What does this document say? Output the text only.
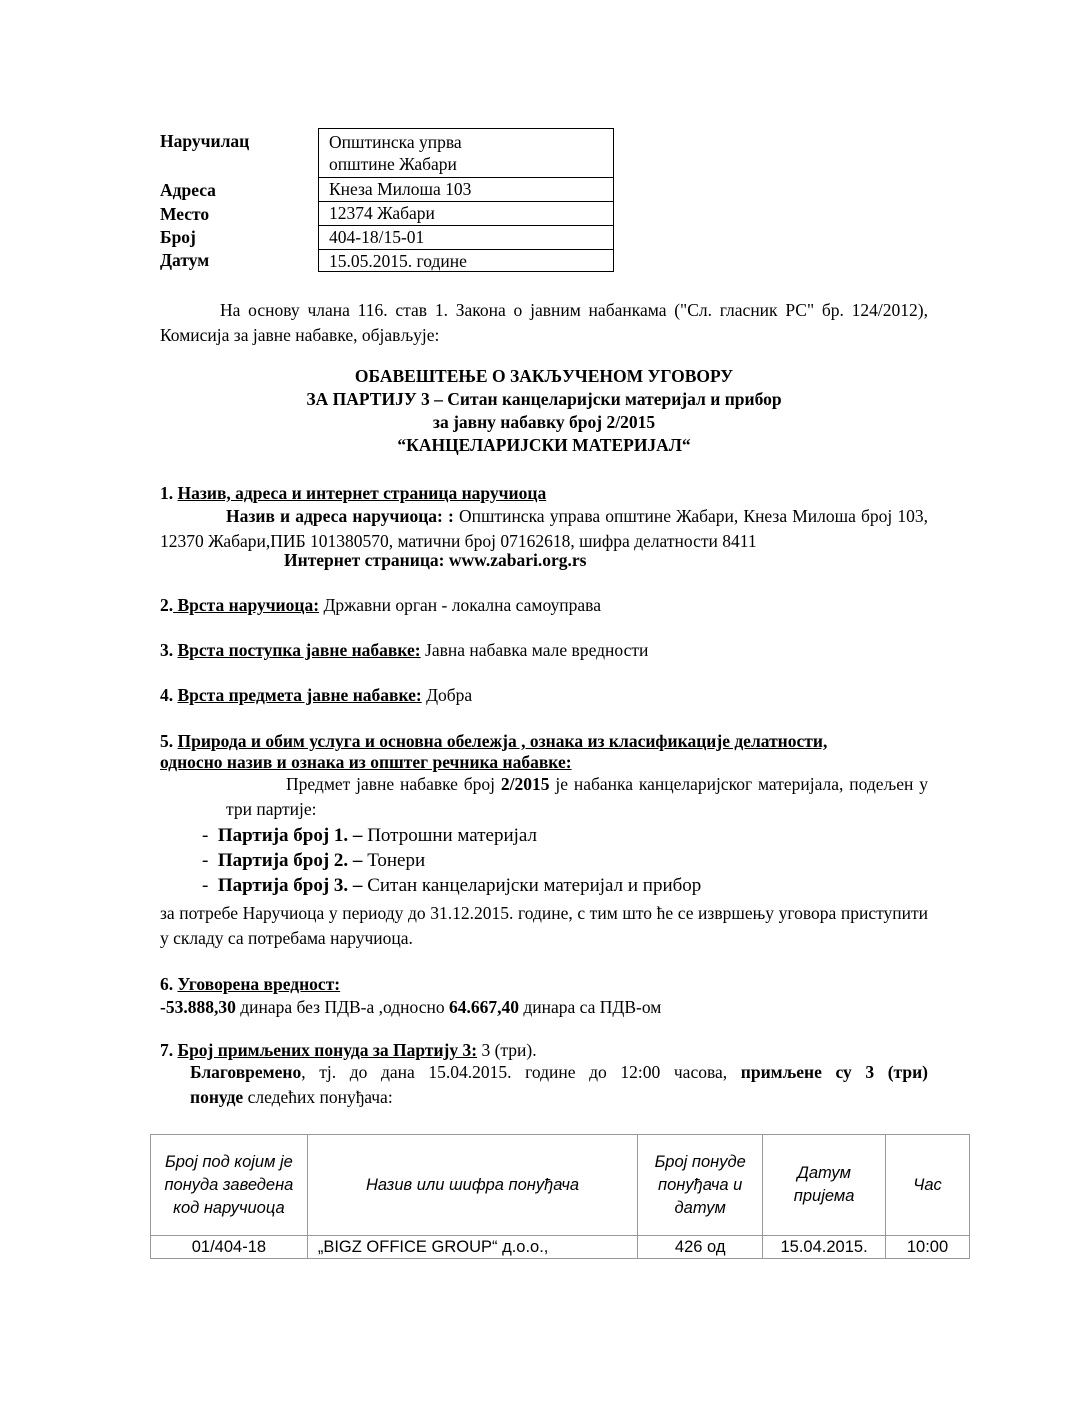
Наручилац	Општинска упрва
општине Жабари
Адреса	Кнеза Милоша 103
Место	12374 Жабари
Број	404-18/15-01
Датум	15.05.2015. године
На основу члана 116. став 1. Закона о јавним набанкама ("Сл. гласник РС" бр. 124/2012), Комисија за јавне набавке, објављује:
ОБАВЕШТЕЊЕ О ЗАКЉУЧЕНОМ УГОВОРУ
ЗА ПАРТИЈУ 3 – Ситан канцеларијски материјал и прибор
за јавну набавку број 2/2015
“КАНЦЕЛАРИЈСКИ МАТЕРИЈАЛ“
1. Назив, адреса и интернет страница наручиоца
Назив и адреса наручиоца: : Општинска управа општине Жабари, Кнеза Милоша број 103, 12370 Жабари,ПИБ 101380570, матични број 07162618, шифра делатности 8411
Интернет страница: www.zabari.org.rs
2. Врста наручиоца: Државни орган - локална самоуправа
3. Врста поступка јавне набавке: Јавна набавка мале вредности
4. Врста предмета јавне набавке: Добра
5. Природа и обим услуга и основна обележја , ознака из класификације делатности,
односно назив и ознака из општег речника набавке:
Предмет јавне набавке број 2/2015 је набанка канцеларијског материјала, подељен у три партије:
-  Партија број 1. – Потрошни материјал
-  Партија број 2. – Тонери
-  Партија број 3. – Ситан канцеларијски материјал и прибор
за потребе Наручиоца у периоду до 31.12.2015. године, с тим што ће се извршењу уговора приступити у складу са потребама наручиоца.
6. Уговорена вредност:
-53.888,30 динара без ПДВ-а ,односно 64.667,40 динара са ПДВ-ом
7. Број примљених понуда за Партију 3: 3 (три).
Благовремено, тј. до дана 15.04.2015. године до 12:00 часова, примљене су 3 (три)
понуде следећих понуђача:
Број под којим је понуда заведена код наручиоца	Назив или шифра понуђача	Број понуде понуђача и датум	Датум пријема	Час
01/404-18	„BIGZ OFFICE GROUP“ д.о.о.,	426 од	15.04.2015.	10:00
